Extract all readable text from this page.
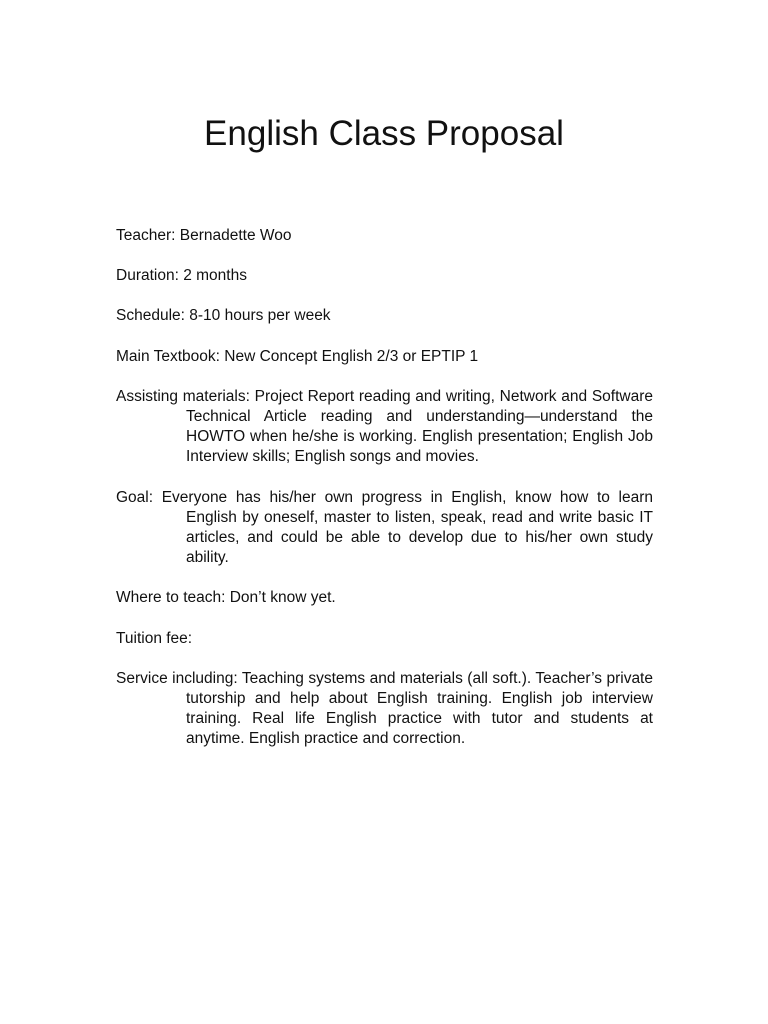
English Class Proposal

Teacher: Bernadette Woo

Duration: 2 months

Schedule: 8-10 hours per week

Main Textbook: New Concept English 2/3 or EPTIP 1

Assisting materials: Project Report reading and writing, Network and Software Technical Article reading and understanding—understand the HOWTO when he/she is working. English presentation; English Job Interview skills; English songs and movies.

Goal: Everyone has his/her own progress in English, know how to learn English by oneself, master to listen, speak, read and write basic IT articles, and could be able to develop due to his/her own study ability.

Where to teach: Don’t know yet.

Tuition fee:

Service including: Teaching systems and materials (all soft.). Teacher’s private tutorship and help about English training. English job interview training. Real life English practice with tutor and students at anytime. English practice and correction.
